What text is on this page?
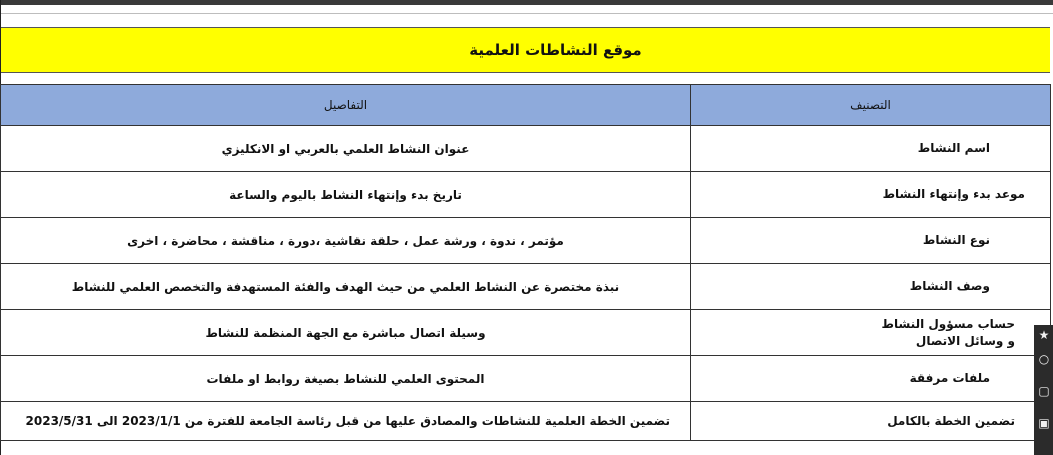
موقع النشاطات العلمية
التصنيف	التفاصيل

اسم النشاط	عنوان النشاط العلمي بالعربي او الانكليزي

موعد بدء وإنتهاء النشاط	تاريخ بدء وإنتهاء النشاط باليوم والساعة

نوع النشاط	مؤتمر ، ندوة ، ورشة عمل ، حلقة نقاشية ،دورة ، مناقشة ، محاضرة ، اخرى

وصف النشاط	نبذة مختصرة عن النشاط العلمي من حيث الهدف والفئة المستهدفة والتخصص العلمي للنشاط

حساب مسؤول النشاط
و وسائل الاتصال	وسيلة اتصال مباشرة مع الجهة المنظمة للنشاط

ملفات مرفقة	المحتوى العلمي للنشاط بصيغة روابط او ملفات

تضمين الخطة بالكامل	تضمين الخطة العلمية للنشاطات والمصادق عليها من قبل رئاسة الجامعة للفترة من 2023/1/1 الى 2023/5/31
★
○
▢
▣
